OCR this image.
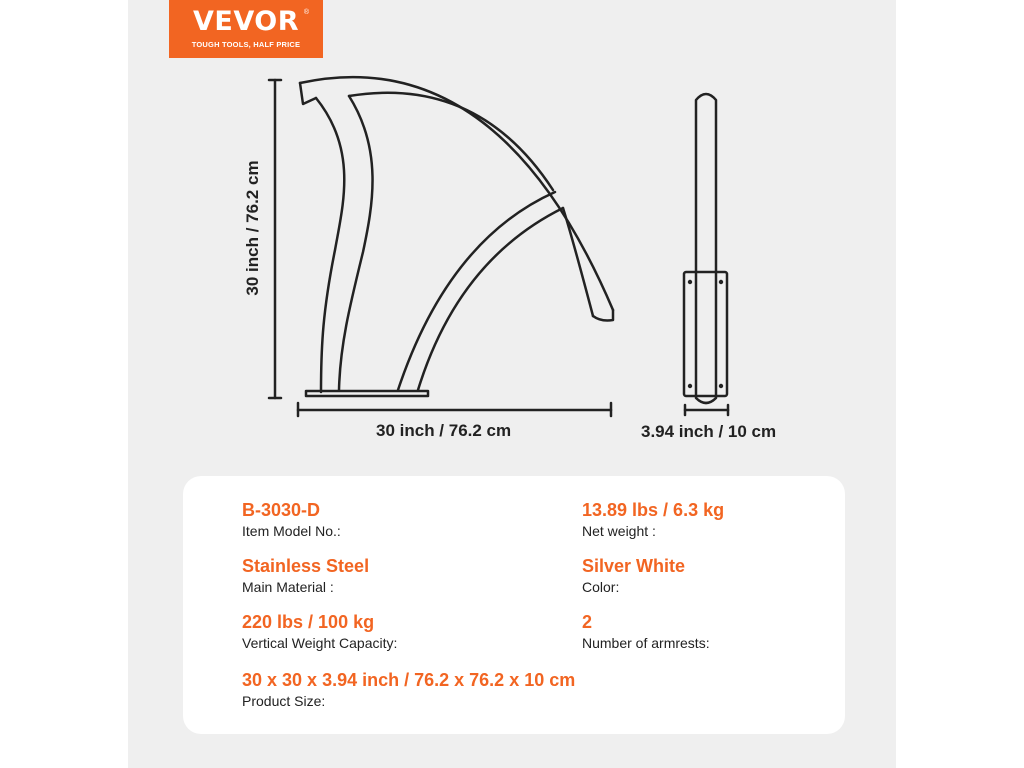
VEVOR ®
TOUGH TOOLS, HALF PRICE
30 inch / 76.2 cm
30 inch / 76.2 cm	3.94 inch / 10 cm
B-3030-D
Item Model No.:
13.89 lbs / 6.3 kg
Net weight :
Stainless Steel
Main Material :
Silver White
Color:
220 lbs / 100 kg
Vertical Weight Capacity:
2
Number of armrests:
30 x 30 x 3.94 inch / 76.2 x 76.2 x 10 cm
Product Size:
